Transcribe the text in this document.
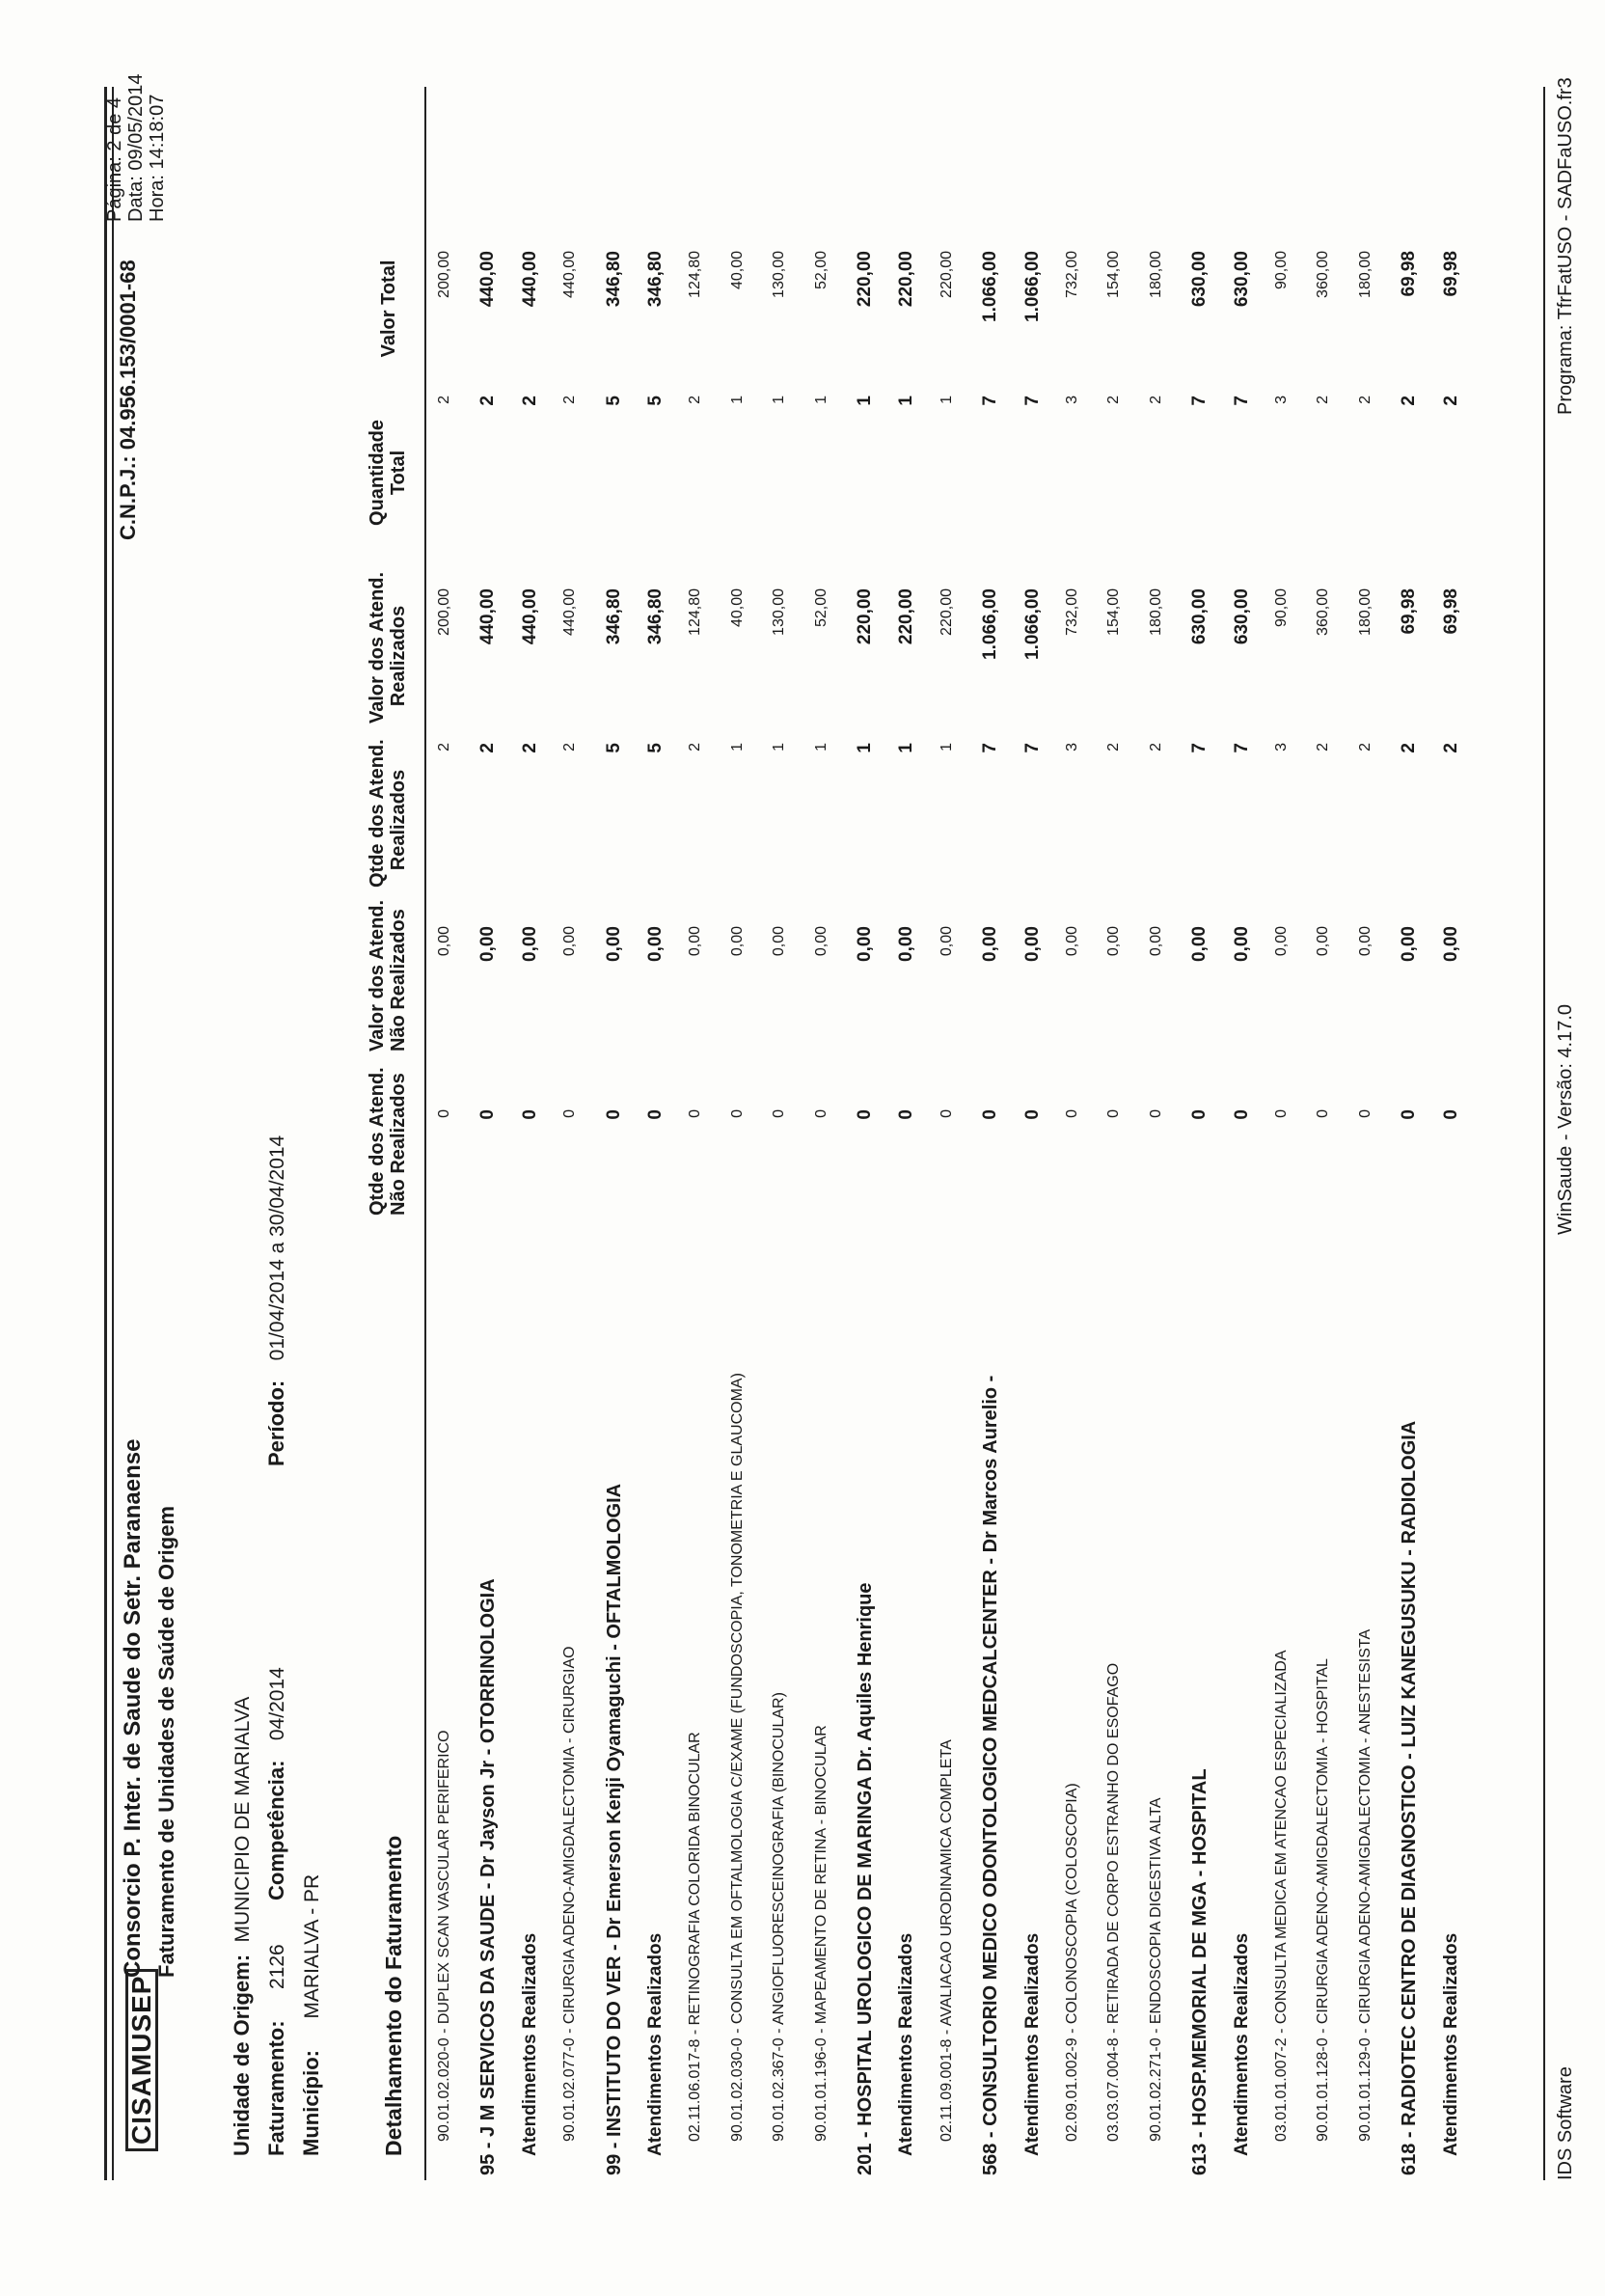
CISAMUSEP
Consorcio P. Inter. de Saude do Setr. Paranaense Faturamento de Unidades de Saúde de Origem
C.N.P.J.: 04.956.153/0001-68
Página: 2 de 4
Data: 09/05/2014
Hora: 14:18:07
Unidade de Origem: MUNICIPIO DE MARIALVA
Faturamento: 2126
Competência: 04/2014
Período: 01/04/2014 a 30/04/2014
Município: MARIALVA - PR	Detalhamento do Faturamento
Qtde dos Atend. Não Realizados
Valor dos Atend. Não Realizados
Qtde dos Atend. Realizados
Valor dos Atend. Realizados
Quantidade Total
Valor Total
90.01.02.020-0 - DUPLEX SCAN VASCULAR PERIFERICO
0
0,00
2
200,00
2
200,00
95 - J M SERVICOS DA SAUDE - Dr Jayson Jr - OTORRINOLOGIA
0
0,00
2
440,00
2
440,00
Atendimentos Realizados
0
0,00
2
440,00
2
440,00
90.01.02.077-0 - CIRURGIA ADENO-AMIGDALECTOMIA - CIRURGIAO
0
0,00
2
440,00
2
440,00
99 - INSTITUTO DO VER - Dr Emerson Kenji Oyamaguchi - OFTALMOLOGIA
0
0,00
5
346,80
5
346,80
Atendimentos Realizados
0
0,00
5
346,80
5
346,80
02.11.06.017-8 - RETINOGRAFIA COLORIDA BINOCULAR
0
0,00
2
124,80
2
124,80
90.01.02.030-0 - CONSULTA EM OFTALMOLOGIA C/EXAME (FUNDOSCOPIA, TONOMETRIA E GLAUCOMA)
0
0,00
1
40,00
1
40,00
90.01.02.367-0 - ANGIOFLUORESCEINOGRAFIA (BINOCULAR)
0
0,00
1
130,00
1
130,00
90.01.01.196-0 - MAPEAMENTO DE RETINA - BINOCULAR
0
0,00
1
52,00
1
52,00
201 - HOSPITAL UROLOGICO DE MARINGA Dr. Aquiles Henrique
0
0,00
1
220,00
1
220,00
Atendimentos Realizados
0
0,00
1
220,00
1
220,00
02.11.09.001-8 - AVALIACAO URODINAMICA COMPLETA
0
0,00
1
220,00
1
220,00
568 - CONSULTORIO MEDICO ODONTOLOGICO MEDCALCENTER - Dr Marcos Aurelio -
0
0,00
7
1.066,00
7
1.066,00
Atendimentos Realizados
0
0,00
7
1.066,00
7
1.066,00
02.09.01.002-9 - COLONOSCOPIA (COLOSCOPIA)
0
0,00
3
732,00
3
732,00
03.03.07.004-8 - RETIRADA DE CORPO ESTRANHO DO ESOFAGO
0
0,00
2
154,00
2
154,00
90.01.02.271-0 - ENDOSCOPIA DIGESTIVA ALTA
0
0,00
2
180,00
2
180,00
613 - HOSP.MEMORIAL DE MGA - HOSPITAL
0
0,00
7
630,00
7
630,00
Atendimentos Realizados
0
0,00
7
630,00
7
630,00
03.01.01.007-2 - CONSULTA MEDICA EM ATENCAO ESPECIALIZADA
0
0,00
3
90,00
3
90,00
90.01.01.128-0 - CIRURGIA ADENO-AMIGDALECTOMIA - HOSPITAL
0
0,00
2
360,00
2
360,00
90.01.01.129-0 - CIRURGIA ADENO-AMIGDALECTOMIA - ANESTESISTA
0
0,00
2
180,00
2
180,00
618 - RADIOTEC CENTRO DE DIAGNOSTICO - LUIZ KANEGUSUKU - RADIOLOGIA
0
0,00
2
69,98
2
69,98
Atendimentos Realizados
0
0,00
2
69,98
2
69,98
IDS Software
WinSaude - Versão: 4.17.0
Programa: TfrFatUSO - SADFaUSO.fr3
